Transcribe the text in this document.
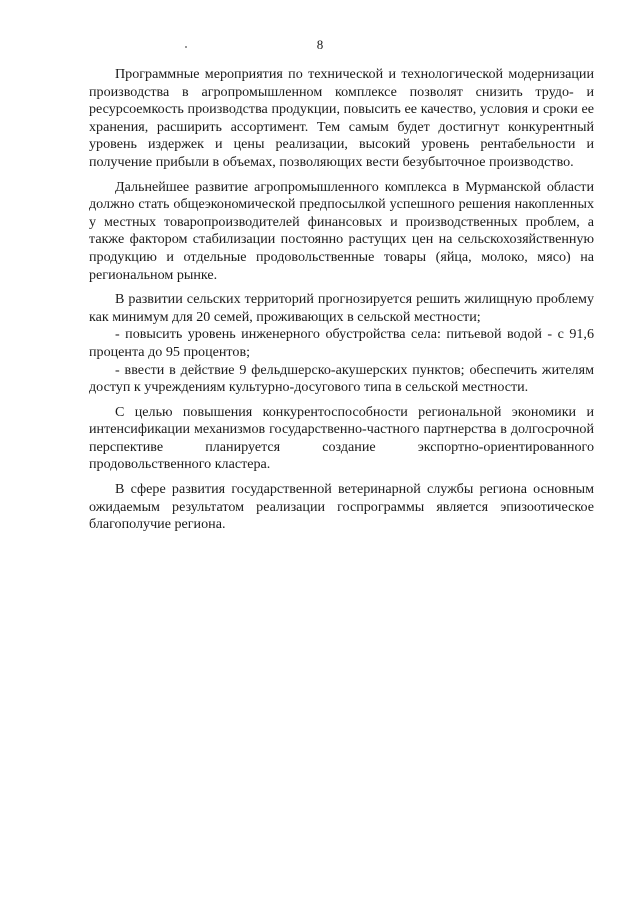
8

Программные мероприятия по технической и технологической модернизации производства в агропромышленном комплексе позволят снизить трудо- и ресурсоемкость производства продукции, повысить ее качество, условия и сроки ее хранения, расширить ассортимент. Тем самым будет достигнут конкурентный уровень издержек и цены реализации, высокий уровень рентабельности и получение прибыли в объемах, позволяющих вести безубыточное производство.

Дальнейшее развитие агропромышленного комплекса в Мурманской области должно стать общеэкономической предпосылкой успешного решения накопленных у местных товаропроизводителей финансовых и производственных проблем, а также фактором стабилизации постоянно растущих цен на сельскохозяйственную продукцию и отдельные продовольственные товары (яйца, молоко, мясо) на региональном рынке.

В развитии сельских территорий прогнозируется решить жилищную проблему как минимум для 20 семей, проживающих в сельской местности;

- повысить уровень инженерного обустройства села: питьевой водой - с 91,6 процента до 95 процентов;

- ввести в действие 9 фельдшерско-акушерских пунктов; обеспечить жителям доступ к учреждениям культурно-досугового типа в сельской местности.

С целью повышения конкурентоспособности региональной экономики и интенсификации механизмов государственно-частного партнерства в долгосрочной перспективе планируется создание экспортно-ориентированного продовольственного кластера.

В сфере развития государственной ветеринарной службы региона основным ожидаемым результатом реализации госпрограммы является эпизоотическое благополучие региона.
